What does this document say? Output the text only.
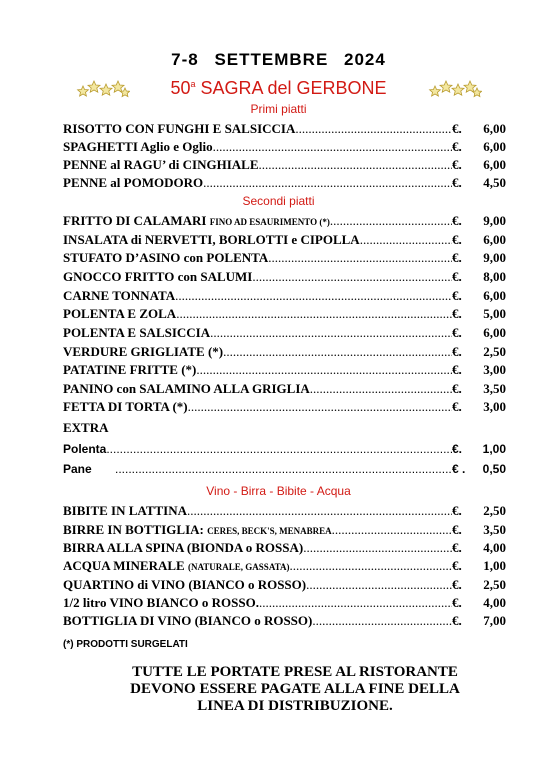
7-8 SETTEMBRE 2024
50$^a$ SAGRA del GERBONE
Primi piatti
RISOTTO CON FUNGHI E SALSICCIA .....	€.	6,00
SPAGHETTI Aglio e Oglio .....	€.	6,00
PENNE al RAGU’ di CINGHIALE .....	€.	6,00
PENNE al POMODORO .....	€.	4,50
Secondi piatti
FRITTO DI CALAMARI FINO AD ESAURIMENTO (*) .....	€.	9,00
INSALATA di NERVETTI, BORLOTTI e CIPOLLA .....	€.	6,00
STUFATO D’ASINO con POLENTA .....	€.	9,00
GNOCCO FRITTO con SALUMI .....	€.	8,00
CARNE TONNATA .....	€.	6,00
POLENTA E ZOLA .....	€.	5,00
POLENTA E SALSICCIA .....	€.	6,00
VERDURE GRIGLIATE (*) .....	€.	2,50
PATATINE FRITTE (*) .....	€.	3,00
PANINO con SALAMINO ALLA GRIGLIA .....	€.	3,50
FETTA DI TORTA (*) .....	€.	3,00
EXTRA
Polenta .....	€.	1,00
Pane .....	€ .	0,50
Vino - Birra - Bibite - Acqua
BIBITE IN LATTINA .....	€.	2,50
BIRRE IN BOTTIGLIA: CERES, BECK'S, MENABREA .....	€.	3,50
BIRRA ALLA SPINA (BIONDA o ROSSA) .....	€.	4,00
ACQUA MINERALE (NATURALE, GASSATA) .....	€.	1,00
QUARTINO di VINO (BIANCO o ROSSO) .....	€.	2,50
1/2 litro VINO BIANCO o ROSSO. .....	€.	4,00
BOTTIGLIA DI VINO (BIANCO o ROSSO) .....	€.	7,00
(*) PRODOTTI SURGELATI
TUTTE LE PORTATE PRESE AL RISTORANTE
DEVONO ESSERE PAGATE ALLA FINE DELLA
LINEA DI DISTRIBUZIONE.
